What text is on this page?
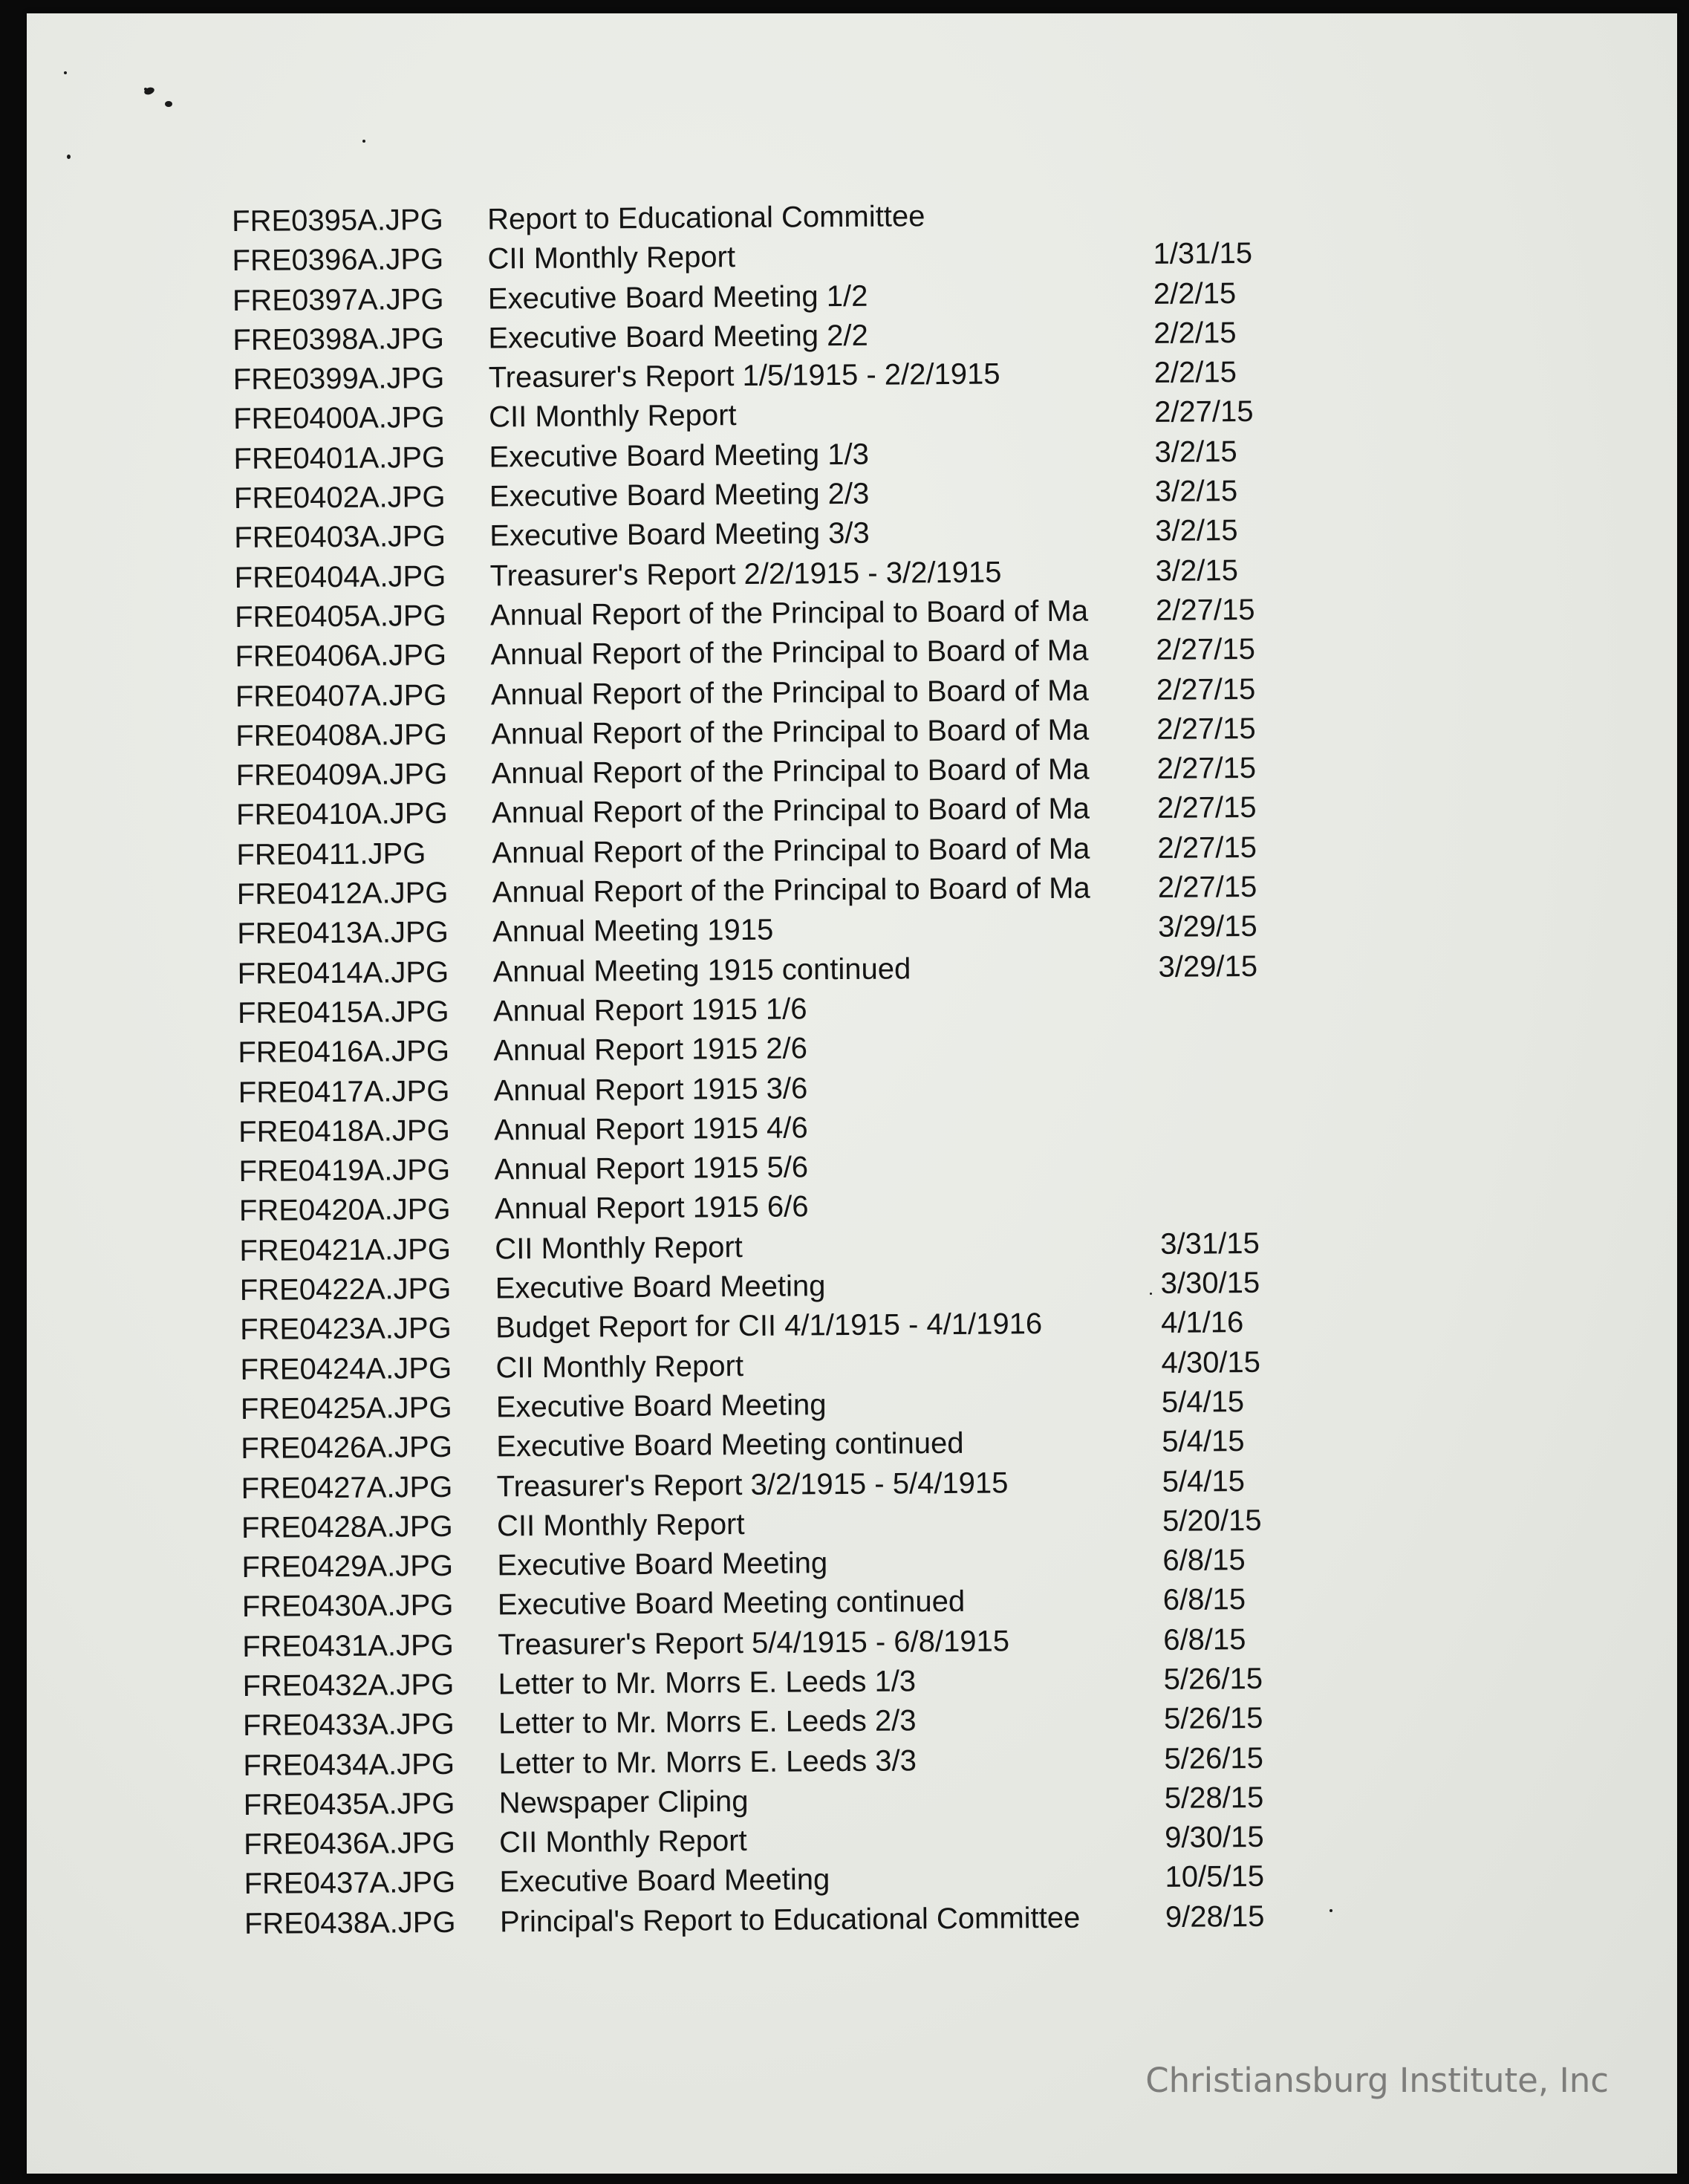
FRE0395A.JPG Report to Educational Committee
FRE0396A.JPG CII Monthly Report	1/31/15
FRE0397A.JPG Executive Board Meeting 1/2	2/2/15
FRE0398A.JPG Executive Board Meeting 2/2	2/2/15
FRE0399A.JPG Treasurer's Report 1/5/1915 - 2/2/1915	2/2/15
FRE0400A.JPG CII Monthly Report	2/27/15
FRE0401A.JPG Executive Board Meeting 1/3	3/2/15
FRE0402A.JPG Executive Board Meeting 2/3	3/2/15
FRE0403A.JPG Executive Board Meeting 3/3	3/2/15
FRE0404A.JPG Treasurer's Report 2/2/1915 - 3/2/1915	3/2/15
FRE0405A.JPG Annual Report of the Principal to Board of Ma	2/27/15
FRE0406A.JPG Annual Report of the Principal to Board of Ma	2/27/15
FRE0407A.JPG Annual Report of the Principal to Board of Ma	2/27/15
FRE0408A.JPG Annual Report of the Principal to Board of Ma	2/27/15
FRE0409A.JPG Annual Report of the Principal to Board of Ma	2/27/15
FRE0410A.JPG Annual Report of the Principal to Board of Ma	2/27/15
FRE0411.JPG Annual Report of the Principal to Board of Ma	2/27/15
FRE0412A.JPG Annual Report of the Principal to Board of Ma	2/27/15
FRE0413A.JPG Annual Meeting 1915	3/29/15
FRE0414A.JPG Annual Meeting 1915 continued	3/29/15
FRE0415A.JPG Annual Report 1915 1/6
FRE0416A.JPG Annual Report 1915 2/6
FRE0417A.JPG Annual Report 1915 3/6
FRE0418A.JPG Annual Report 1915 4/6
FRE0419A.JPG Annual Report 1915 5/6
FRE0420A.JPG Annual Report 1915 6/6
FRE0421A.JPG CII Monthly Report	3/31/15
FRE0422A.JPG Executive Board Meeting	3/30/15
FRE0423A.JPG Budget Report for CII 4/1/1915 - 4/1/1916	4/1/16
FRE0424A.JPG CII Monthly Report	4/30/15
FRE0425A.JPG Executive Board Meeting	5/4/15
FRE0426A.JPG Executive Board Meeting continued	5/4/15
FRE0427A.JPG Treasurer's Report 3/2/1915 - 5/4/1915	5/4/15
FRE0428A.JPG CII Monthly Report	5/20/15
FRE0429A.JPG Executive Board Meeting	6/8/15
FRE0430A.JPG Executive Board Meeting continued	6/8/15
FRE0431A.JPG Treasurer's Report 5/4/1915 - 6/8/1915	6/8/15
FRE0432A.JPG Letter to Mr. Morrs E. Leeds 1/3	5/26/15
FRE0433A.JPG Letter to Mr. Morrs E. Leeds 2/3	5/26/15
FRE0434A.JPG Letter to Mr. Morrs E. Leeds 3/3	5/26/15
FRE0435A.JPG Newspaper Cliping	5/28/15
FRE0436A.JPG CII Monthly Report	9/30/15
FRE0437A.JPG Executive Board Meeting	10/5/15
FRE0438A.JPG Principal's Report to Educational Committee	9/28/15
Christiansburg Institute, Inc
